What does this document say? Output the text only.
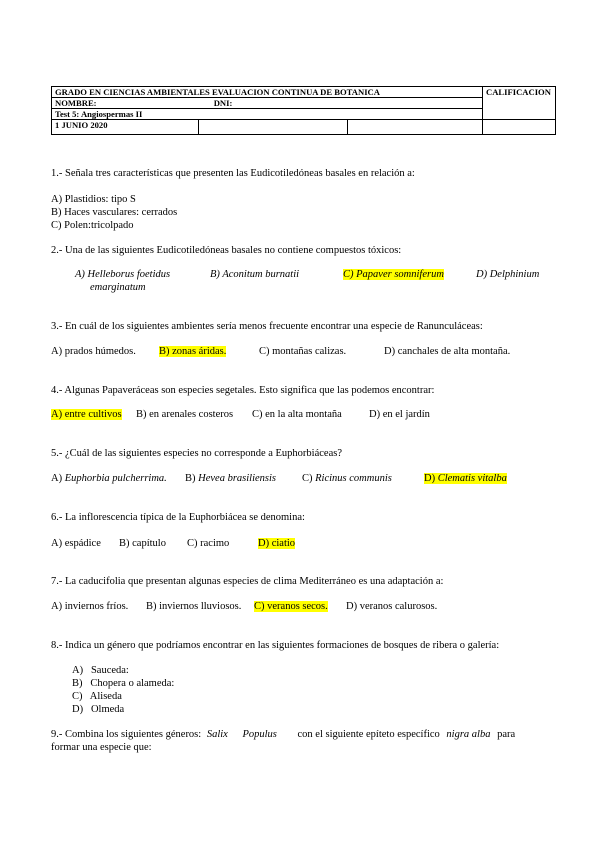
GRADO EN CIENCIAS AMBIENTALES EVALUACION CONTINUA DE BOTANICA		CALIFICACION
NOMBRE: DNI:		
Test 5: Angiospermas II		
1 JUNIO 2020	

1.- Señala tres características que presenten las Eudicotiledóneas basales en relación a:
A) Plastidios: tipo S
B) Haces vasculares: cerrados
C) Polen:tricolpado
2.- Una de las siguientes Eudicotiledóneas basales no contiene compuestos tóxicos:
A) Helleborus foetidus	B) Aconitum burnatii	C) Papaver somniferum	D) Delphinium
emarginatum
3.- En cuál de los siguientes ambientes sería menos frecuente encontrar una especie de Ranunculáceas:
A) prados húmedos. B) zonas áridas.	C) montañas calizas.	D) canchales de alta montaña.
4.- Algunas Papaveráceas son especies segetales. Esto significa que las podemos encontrar:
A) entre cultivos B) en arenales costeros C) en la alta montaña	D) en el jardín
5.- ¿Cuál de las siguientes especies no corresponde a Euphorbiáceas?
A) Euphorbia pulcherrima. B) Hevea brasiliensis C) Ricinus communis	D) Clematis vitalba
6.- La inflorescencia típica de la Euphorbiácea se denomina:
A) espádice B) capítulo C) racimo	D) ciatio
7.- La caducifolia que presentan algunas especies de clima Mediterráneo es una adaptación a:
A) inviernos fríos. B) inviernos lluviosos. C) veranos secos. D) veranos calurosos.
8.- Indica un género que podríamos encontrar en las siguientes formaciones de bosques de ribera o galería:
A)   Sauceda:
B)   Chopera o alameda:
C)   Aliseda
D)   Olmeda
9.- Combina los siguientes géneros: Salix Populus con el siguiente epíteto específico nigra alba para
formar una especie que:
